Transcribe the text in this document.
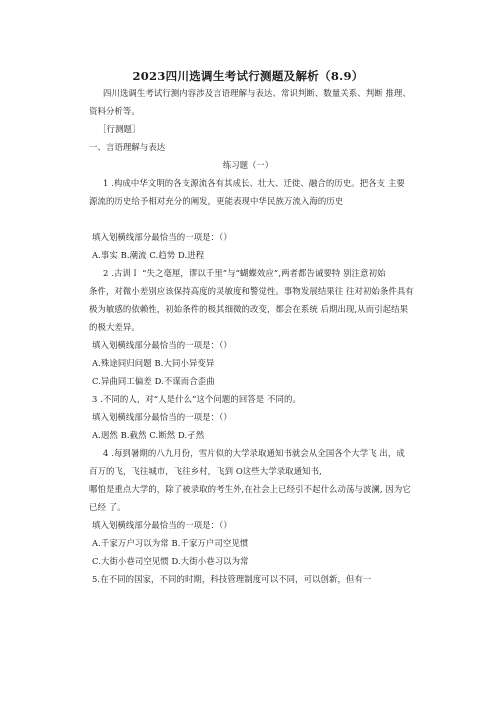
2023四川选调生考试行测题及解析（8.9）
四川选调生考试行测内容涉及言语理解与表达、常识判断、数量关系、判断 推理、
资料分析等。
［行测题］
一、言语理解与表达
练习题（一）
1 .构成中华文明的各支源流各有其成长、壮大、迁徙、融合的历史。把各支 主要
源流的历史给予相对充分的阐发，更能表现中华民族万流入海的历史
填入划横线部分最恰当的一项是：（）
A.事实 B.潮流 C.趋势 D.进程
2 .古训Ｉ “失之毫厘，谬以千里”与“蝴蝶效应”,两者都告诫要特 别注意初始
条件，对微小差别应该保持高度的灵敏度和警觉性。事物发展结果往 往对初始条件具有
极为敏感的依赖性，初始条件的极其细微的改变，都会在系统 后期出现,从而引起结果
的极大差异。
填入划横线部分最恰当的一项是：（）
A.殊途同归问题 B.大同小异变异
C.异曲同工偏差 D.不谋而合歪曲
3 .不同的人，对“人是什么”这个问题的回答是 不同的。
填入划横线部分最恰当的一项是：（）
A.迥然 B.截然 C.断然 D.孑然
4 .每到暑期的八九月份，雪片似的大学录取通知书就会从全国各个大学飞 出，成
百万的飞，飞往城市，飞往乡村，飞到 O这些大学录取通知书,
哪怕是重点大学的，除了被录取的考生外,在社会上已经引不起什么动荡与波澜, 因为它
已经 了。
填入划横线部分最恰当的一项是：（）
A.千家万户习以为常 B.千家万户司空见惯
C.大街小巷司空见惯 D.大街小巷习以为常
5.在不同的国家，不同的时期，科技管理制度可以不同，可以创新，但有一
